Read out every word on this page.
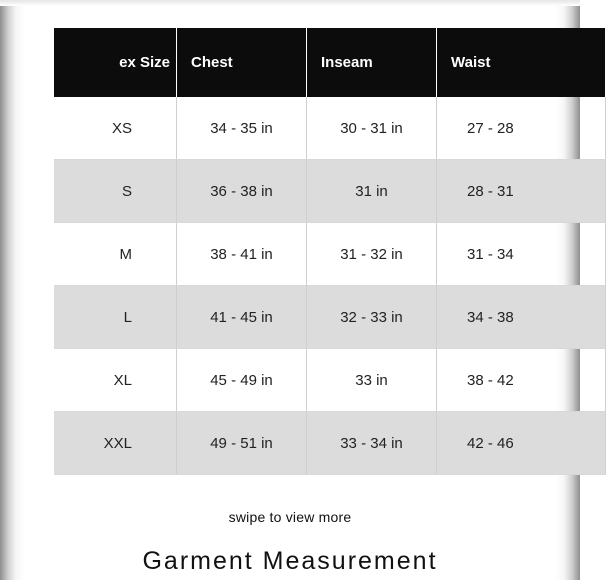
ex Size	Chest	Inseam	Waist
XS	34 - 35 in	30 - 31 in	27 - 28
S	36 - 38 in	31 in	28 - 31
M	38 - 41 in	31 - 32 in	31 - 34
L	41 - 45 in	32 - 33 in	34 - 38
XL	45 - 49 in	33 in	38 - 42
XXL	49 - 51 in	33 - 34 in	42 - 46
swipe to view more
Garment Measurement
